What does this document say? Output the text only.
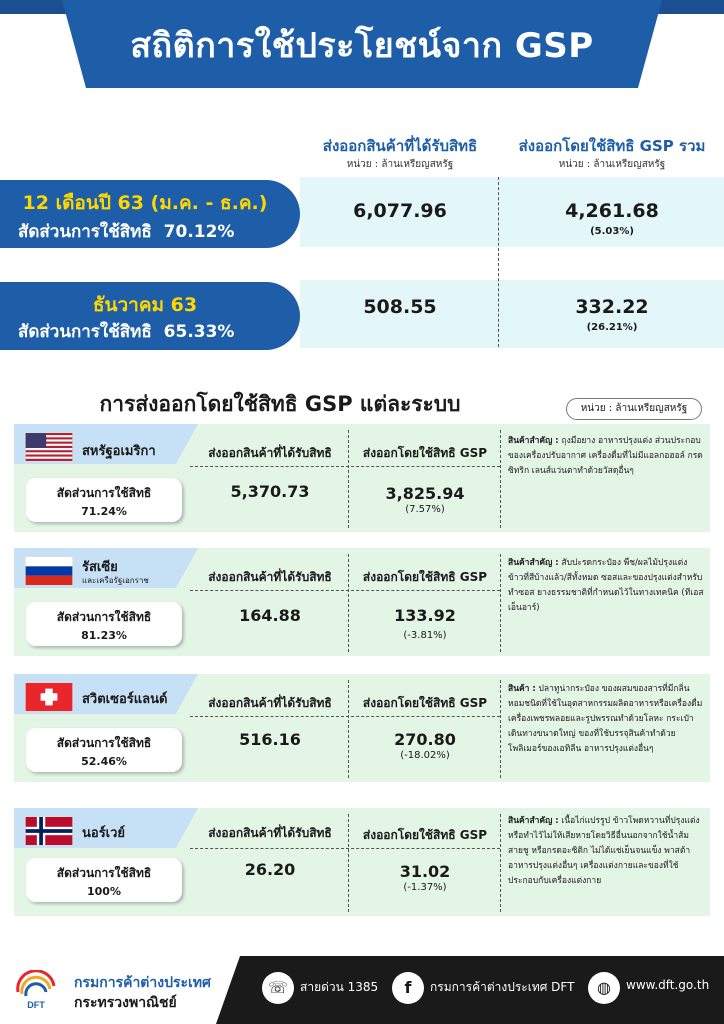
สถิติการใช้ประโยชน์จาก GSP
ส่งออกสินค้าที่ได้รับสิทธิ
หน่วย : ล้านเหรียญสหรัฐ
ส่งออกโดยใช้สิทธิ GSP รวม
หน่วย : ล้านเหรียญสหรัฐ
12 เดือนปี 63 (ม.ค. - ธ.ค.)
สัดส่วนการใช้สิทธิ 70.12%
6,077.96	4,261.68
(5.03%)
ธันวาคม 63
สัดส่วนการใช้สิทธิ 65.33%
508.55	332.22
(26.21%)
การส่งออกโดยใช้สิทธิ GSP แต่ละระบบ	หน่วย : ล้านเหรียญสหรัฐ
สหรัฐอเมริกา
สัดส่วนการใช้สิทธิ
71.24%
ส่งออกสินค้าที่ได้รับสิทธิ	ส่งออกโดยใช้สิทธิ GSP
5,370.73	3,825.94
(7.57%)
สินค้าสำคัญ : ถุงมือยาง อาหารปรุงแต่ง ส่วนประกอบของเครื่องปรับอากาศ เครื่องดื่มที่ไม่มีแอลกอฮอล์ กรดซิทริก เลนส์แว่นตาทำด้วยวัสดุอื่นๆ
รัสเซีย
และเครือรัฐเอกราช
สัดส่วนการใช้สิทธิ
81.23%
ส่งออกสินค้าที่ได้รับสิทธิ	ส่งออกโดยใช้สิทธิ GSP
164.88	133.92
(-3.81%)
สินค้าสำคัญ : สับปะรดกระป๋อง พืช/ผลไม้ปรุงแต่ง ข้าวที่สีบ้างแล้ว/สีทั้งหมด ซอสและของปรุงแต่งสำหรับทำซอส ยางธรรมชาติที่กำหนดไว้ในทางเทคนิค (ทีเอสเอ็นอาร์)
สวิตเซอร์แลนด์
สัดส่วนการใช้สิทธิ
52.46%
ส่งออกสินค้าที่ได้รับสิทธิ	ส่งออกโดยใช้สิทธิ GSP
516.16	270.80
(-18.02%)
สินค้า : ปลาทูน่ากระป๋อง ของผสมของสารที่มีกลิ่นหอมชนิดที่ใช้ในอุตสาหกรรมผลิตอาหารหรือเครื่องดื่ม เครื่องเพชรพลอยและรูปพรรณทำด้วยโลหะ กระเป๋าเดินทางขนาดใหญ่ ของที่ใช้บรรจุสินค้าทำด้วยโพลิเมอร์ของเอทิลีน อาหารปรุงแต่งอื่นๆ
นอร์เวย์
สัดส่วนการใช้สิทธิ
100%
ส่งออกสินค้าที่ได้รับสิทธิ	ส่งออกโดยใช้สิทธิ GSP
26.20	31.02
(-1.37%)
สินค้าสำคัญ : เนื้อไก่แปรรูป ข้าวโพดหวานที่ปรุงแต่งหรือทำไว้ไม่ให้เสียหายโดยวิธีอื่นนอกจากใช้น้ำส้มสายชู หรือกรดอะซิติก ไม่ได้แช่เย็นจนแข็ง พาสต้า อาหารปรุงแต่งอื่นๆ เครื่องแต่งกายและของที่ใช้ประกอบกับเครื่องแต่งกาย
DFT
กรมการค้าต่างประเทศ
กระทรวงพาณิชย์
☏	สายด่วน 1385	f	กรมการค้าต่างประเทศ DFT	◍	www.dft.go.th
